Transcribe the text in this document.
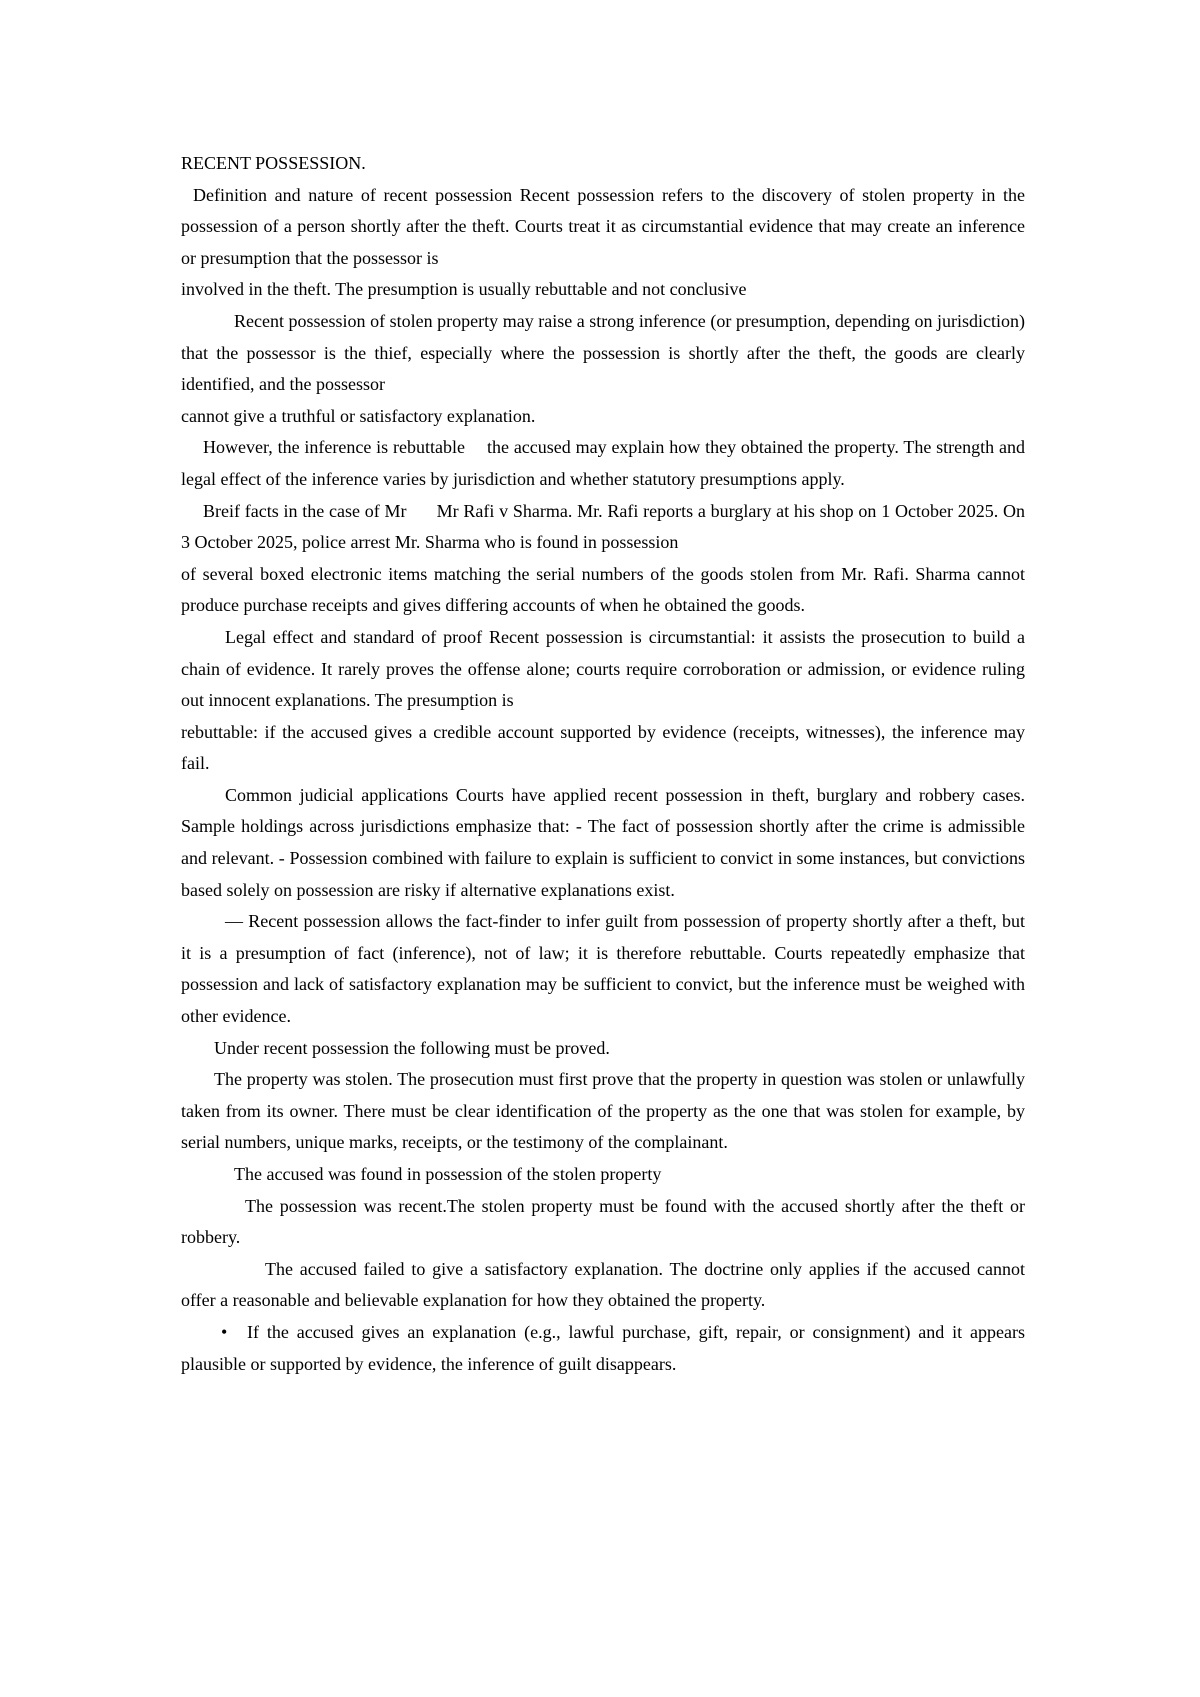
RECENT POSSESSION.

Definition and nature of recent possession Recent possession refers to the discovery of stolen property in the possession of a person shortly after the theft. Courts treat it as circumstantial evidence that may create an inference or presumption that the possessor is

involved in the theft. The presumption is usually rebuttable and not conclusive

Recent possession of stolen property may raise a strong inference (or presumption, depending on jurisdiction) that the possessor is the thief, especially where the possession is shortly after the theft, the goods are clearly identified, and the possessor

cannot give a truthful or satisfactory explanation.

However, the inference is rebuttable the accused may explain how they obtained the property. The strength and legal effect of the inference varies by jurisdiction and whether statutory presumptions apply.

Breif facts in the case of Mr Mr Rafi v Sharma. Mr. Rafi reports a burglary at his shop on 1 October 2025. On 3 October 2025, police arrest Mr. Sharma who is found in possession

of several boxed electronic items matching the serial numbers of the goods stolen from Mr. Rafi. Sharma cannot produce purchase receipts and gives differing accounts of when he obtained the goods.

Legal effect and standard of proof Recent possession is circumstantial: it assists the prosecution to build a chain of evidence. It rarely proves the offense alone; courts require corroboration or admission, or evidence ruling out innocent explanations. The presumption is

rebuttable: if the accused gives a credible account supported by evidence (receipts, witnesses), the inference may fail.

Common judicial applications Courts have applied recent possession in theft, burglary and robbery cases. Sample holdings across jurisdictions emphasize that: - The fact of possession shortly after the crime is admissible and relevant. - Possession combined with failure to explain is sufficient to convict in some instances, but convictions based solely on possession are risky if alternative explanations exist.

— Recent possession allows the fact-finder to infer guilt from possession of property shortly after a theft, but it is a presumption of fact (inference), not of law; it is therefore rebuttable. Courts repeatedly emphasize that possession and lack of satisfactory explanation may be sufficient to convict, but the inference must be weighed with other evidence.

Under recent possession the following must be proved.

The property was stolen. The prosecution must first prove that the property in question was stolen or unlawfully taken from its owner. There must be clear identification of the property as the one that was stolen for example, by serial numbers, unique marks, receipts, or the testimony of the complainant.

The accused was found in possession of the stolen property

The possession was recent.The stolen property must be found with the accused shortly after the theft or robbery.

The accused failed to give a satisfactory explanation. The doctrine only applies if the accused cannot offer a reasonable and believable explanation for how they obtained the property.

• If the accused gives an explanation (e.g., lawful purchase, gift, repair, or consignment) and it appears plausible or supported by evidence, the inference of guilt disappears.
